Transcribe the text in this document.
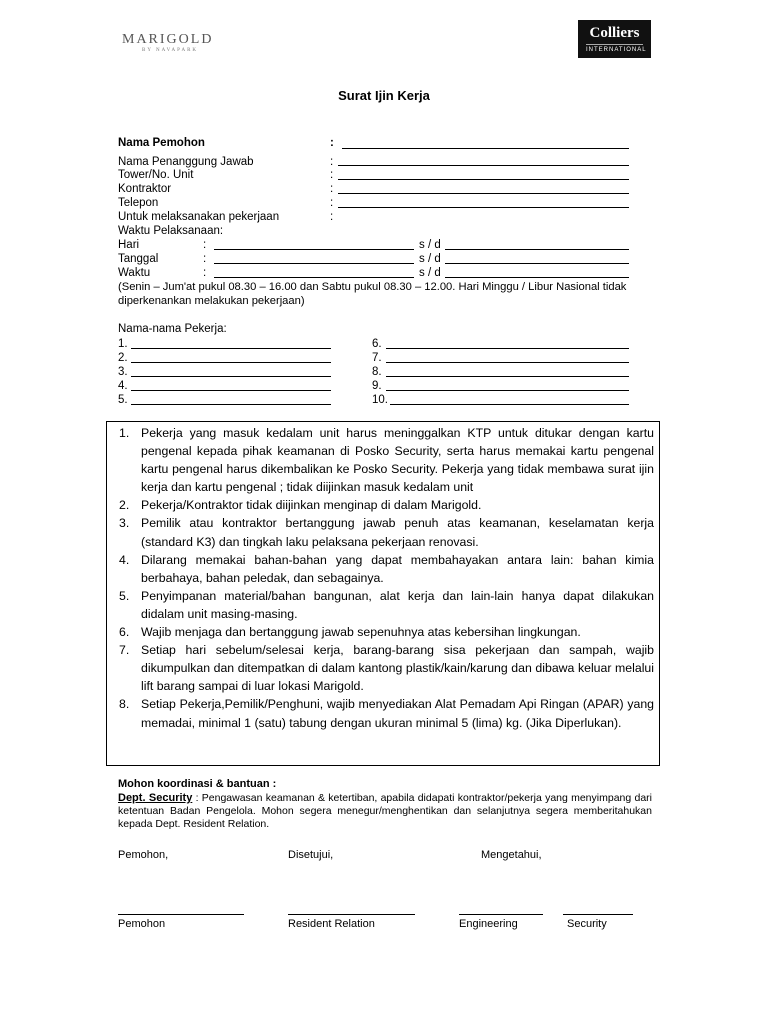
MARIGOLD
BY NAVAPARK
Colliers
INTERNATIONAL
Surat Ijin Kerja
Nama Pemohon	:
Nama Penanggung Jawab	:
Tower/No. Unit	:
Kontraktor	:
Telepon	:
Untuk melaksanakan pekerjaan	:
Waktu Pelaksanaan:
Hari	:	s / d
Tanggal	:	s / d
Waktu	:	s / d
(Senin – Jum'at pukul 08.30 – 16.00 dan Sabtu pukul 08.30 – 12.00. Hari Minggu / Libur Nasional tidak
diperkenankan melakukan pekerjaan)
Nama-nama Pekerja:
1.
2.
3.
4.
5.
6.
7.
8.
9.
10.
1. Pekerja yang masuk kedalam unit harus meninggalkan KTP untuk ditukar dengan kartu pengenal kepada pihak keamanan di Posko Security, serta harus memakai kartu pengenal kartu pengenal harus dikembalikan ke Posko Security. Pekerja yang tidak membawa surat ijin kerja dan kartu pengenal ; tidak diijinkan masuk kedalam unit
2. Pekerja/Kontraktor tidak diijinkan menginap di dalam Marigold.
3. Pemilik atau kontraktor bertanggung jawab penuh atas keamanan, keselamatan kerja (standard K3) dan tingkah laku pelaksana pekerjaan renovasi.
4. Dilarang memakai bahan-bahan yang dapat membahayakan antara lain: bahan kimia berbahaya, bahan peledak, dan sebagainya.
5. Penyimpanan material/bahan bangunan, alat kerja dan lain-lain hanya dapat dilakukan didalam unit masing-masing.
6. Wajib menjaga dan bertanggung jawab sepenuhnya atas kebersihan lingkungan.
7. Setiap hari sebelum/selesai kerja, barang-barang sisa pekerjaan dan sampah, wajib dikumpulkan dan ditempatkan di dalam kantong plastik/kain/karung dan dibawa keluar melalui lift barang sampai di luar lokasi Marigold.
8. Setiap Pekerja,Pemilik/Penghuni, wajib menyediakan Alat Pemadam Api Ringan (APAR) yang memadai, minimal 1 (satu) tabung dengan ukuran minimal 5 (lima) kg. (Jika Diperlukan).
Mohon koordinasi & bantuan :
Dept. Security : Pengawasan keamanan & ketertiban, apabila didapati kontraktor/pekerja yang menyimpang dari ketentuan Badan Pengelola. Mohon segera menegur/menghentikan dan selanjutnya segera memberitahukan kepada Dept. Resident Relation.
Pemohon,	Disetujui,	Mengetahui,
Pemohon	Resident Relation	Engineering	Security
